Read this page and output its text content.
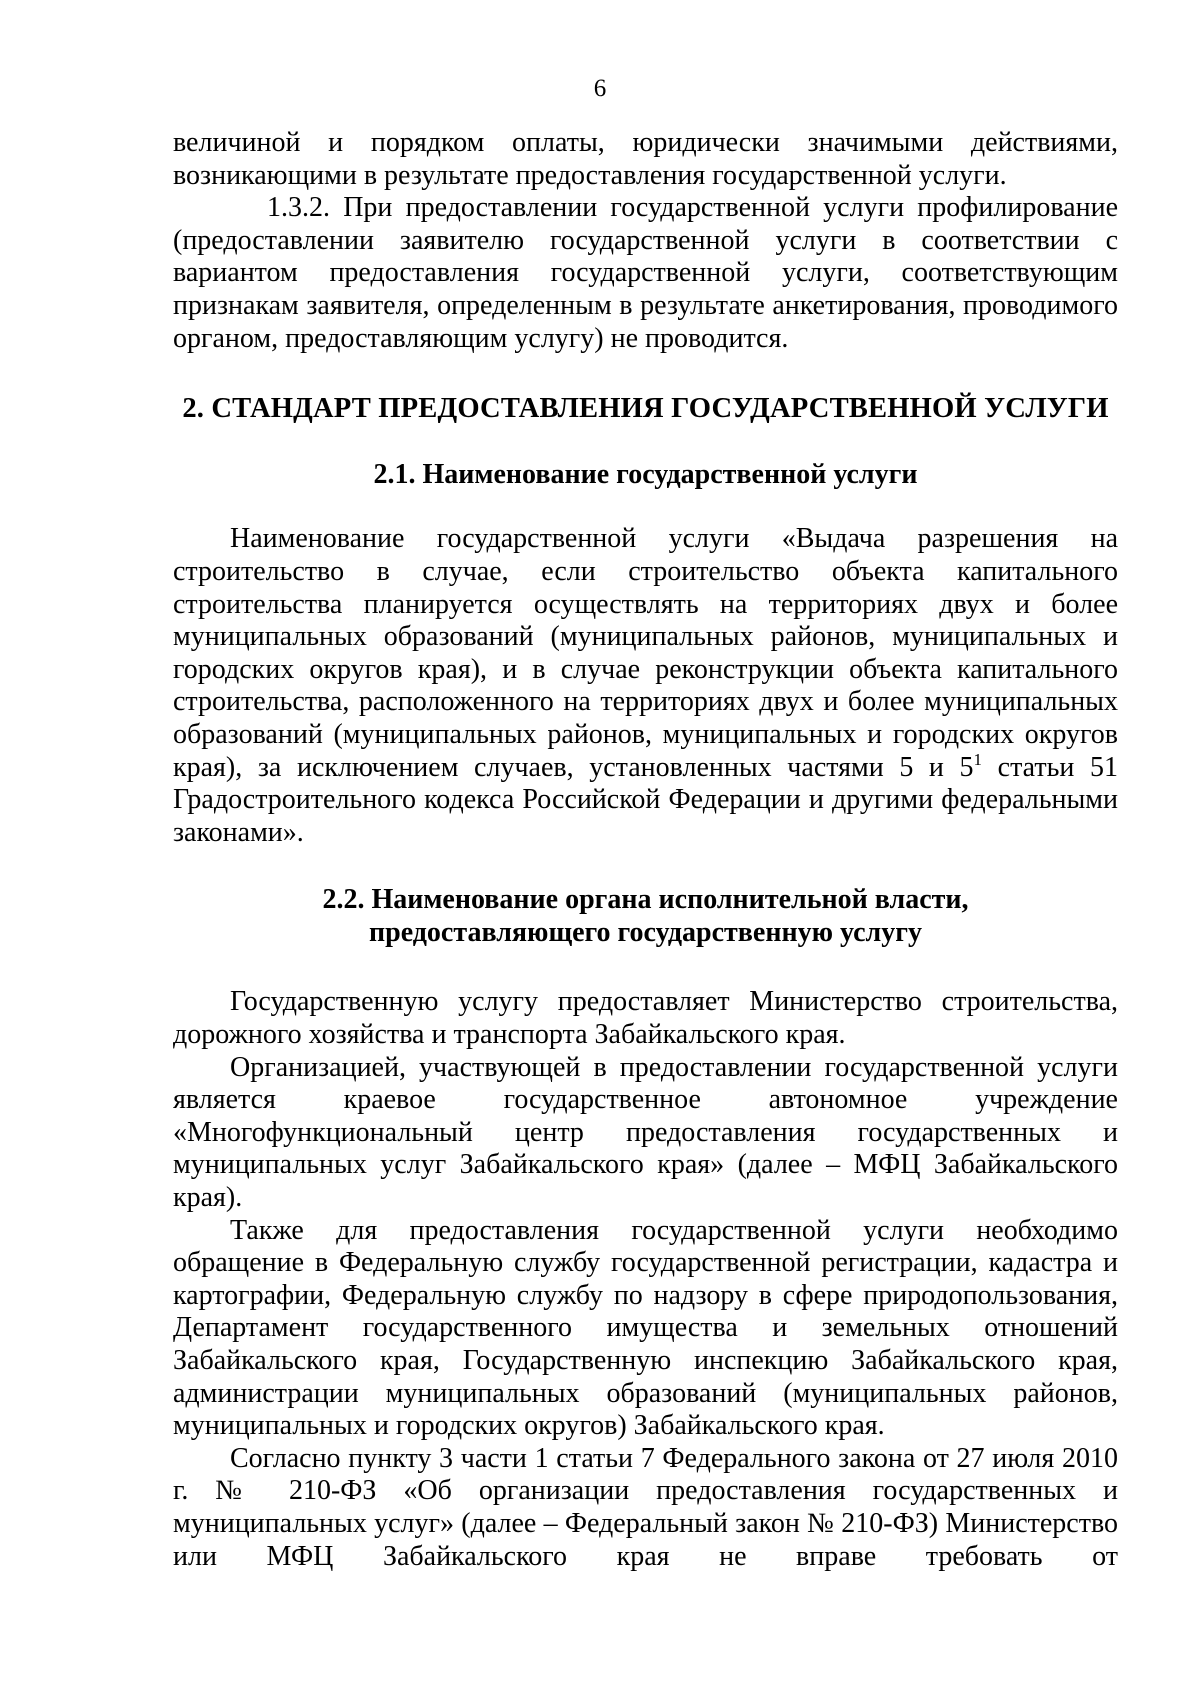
6

величиной и порядком оплаты, юридически значимыми действиями, возникающими в результате предоставления государственной услуги.

1.3.2. При предоставлении государственной услуги профилирование (предоставлении заявителю государственной услуги в соответствии с вариантом предоставления государственной услуги, соответствующим признакам заявителя, определенным в результате анкетирования, проводимого органом, предоставляющим услугу) не проводится.

2. СТАНДАРТ ПРЕДОСТАВЛЕНИЯ ГОСУДАРСТВЕННОЙ УСЛУГИ
2.1. Наименование государственной услуги

Наименование государственной услуги «Выдача разрешения на строительство в случае, если строительство объекта капитального строительства планируется осуществлять на территориях двух и более муниципальных образований (муниципальных районов, муниципальных и городских округов края), и в случае реконструкции объекта капитального строительства, расположенного на территориях двух и более муниципальных образований (муниципальных районов, муниципальных и городских округов края), за исключением случаев, установленных частями 5 и $5^1$ статьи 51 Градостроительного кодекса Российской Федерации и другими федеральными законами».

2.2. Наименование органа исполнительной власти,
предоставляющего государственную услугу

Государственную услугу предоставляет Министерство строительства, дорожного хозяйства и транспорта Забайкальского края.

Организацией, участвующей в предоставлении государственной услуги является краевое государственное автономное учреждение «Многофункциональный центр предоставления государственных и муниципальных услуг Забайкальского края» (далее – МФЦ Забайкальского края).

Также для предоставления государственной услуги необходимо обращение в Федеральную службу государственной регистрации, кадастра и картографии, Федеральную службу по надзору в сфере природопользования, Департамент государственного имущества и земельных отношений Забайкальского края, Государственную инспекцию Забайкальского края, администрации муниципальных образований (муниципальных районов, муниципальных и городских округов) Забайкальского края.

Согласно пункту 3 части 1 статьи 7 Федерального закона от 27 июля 2010 г. № 210-ФЗ «Об организации предоставления государственных и муниципальных услуг» (далее – Федеральный закон № 210-ФЗ) Министерство или МФЦ Забайкальского края не вправе требовать от
